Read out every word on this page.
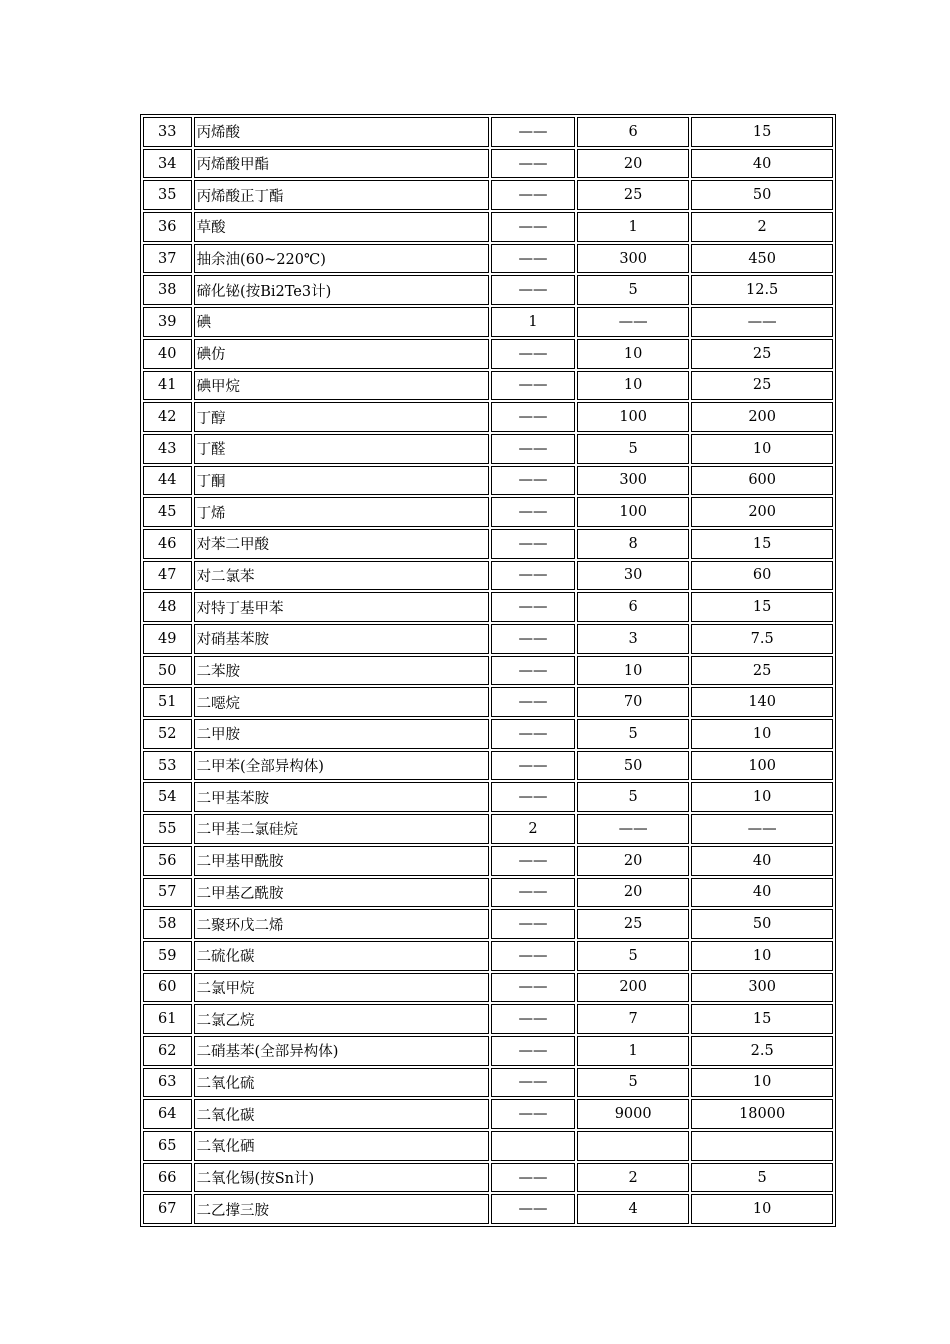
33	丙烯酸	——	6	15
34	丙烯酸甲酯	——	20	40
35	丙烯酸正丁酯	——	25	50
36	草酸	——	1	2
37	抽余油(60~220℃)	——	300	450
38	碲化铋(按Bi2Te3计)	——	5	12.5
39	碘	1	——	——
40	碘仿	——	10	25
41	碘甲烷	——	10	25
42	丁醇	——	100	200
43	丁醛	——	5	10
44	丁酮	——	300	600
45	丁烯	——	100	200
46	对苯二甲酸	——	8	15
47	对二氯苯	——	30	60
48	对特丁基甲苯	——	6	15
49	对硝基苯胺	——	3	7.5
50	二苯胺	——	10	25
51	二噁烷	——	70	140
52	二甲胺	——	5	10
53	二甲苯(全部异构体)	——	50	100
54	二甲基苯胺	——	5	10
55	二甲基二氯硅烷	2	——	——
56	二甲基甲酰胺	——	20	40
57	二甲基乙酰胺	——	20	40
58	二聚环戊二烯	——	25	50
59	二硫化碳	——	5	10
60	二氯甲烷	——	200	300
61	二氯乙烷	——	7	15
62	二硝基苯(全部异构体)	——	1	2.5
63	二氧化硫	——	5	10
64	二氧化碳	——	9000	18000
65	二氧化硒			
66	二氧化锡(按Sn计)	——	2	5
67	二乙撑三胺	——	4	10
